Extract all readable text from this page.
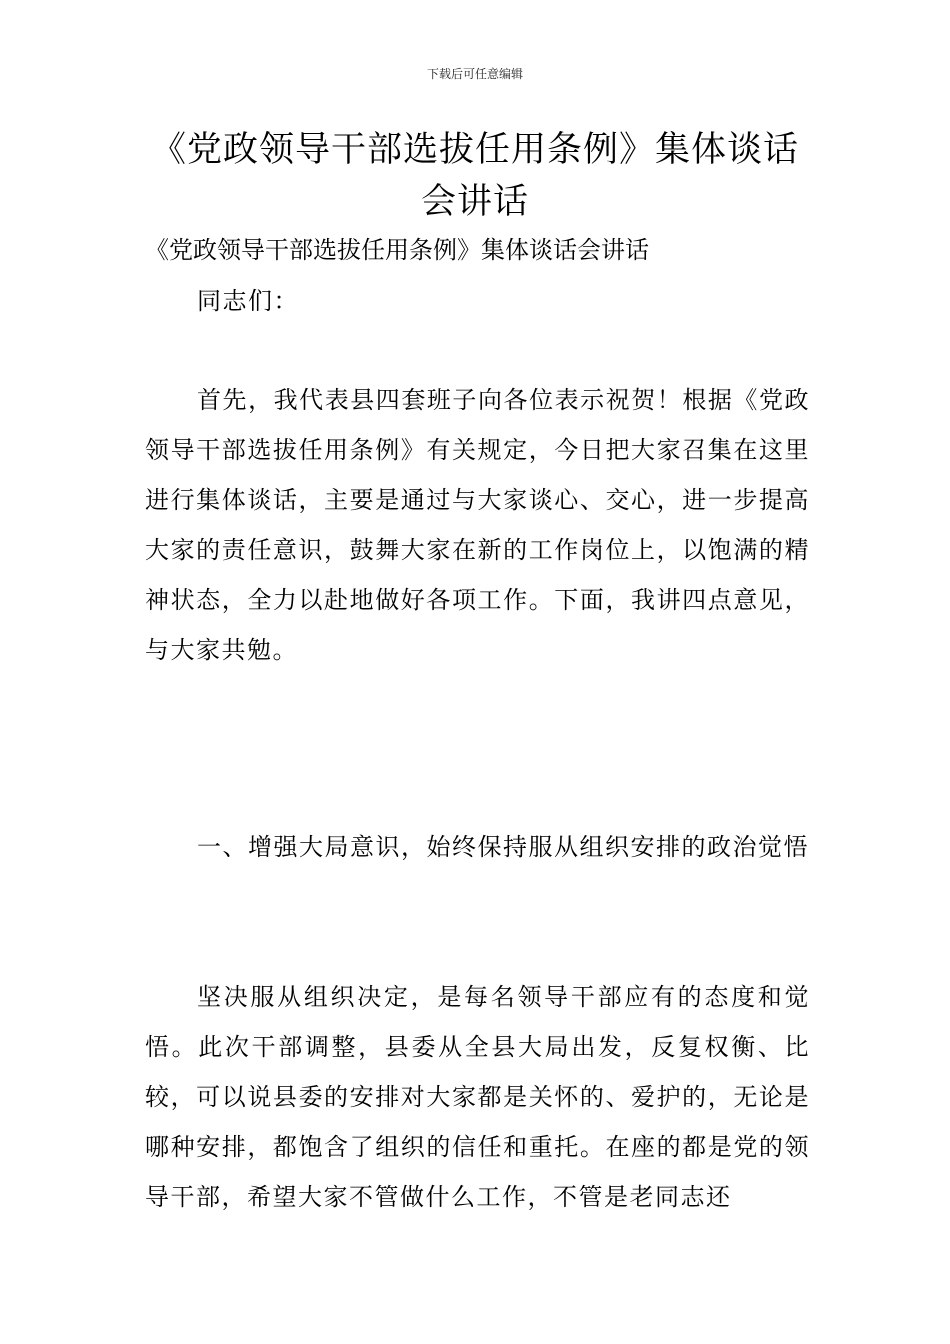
下载后可任意编辑
《党政领导干部选拔任用条例》集体谈话会讲话

《党政领导干部选拔任用条例》集体谈话会讲话

同志们：

首先，我代表县四套班子向各位表示祝贺！根据《党政领导干部选拔任用条例》有关规定，今日把大家召集在这里进行集体谈话，主要是通过与大家谈心、交心，进一步提高大家的责任意识，鼓舞大家在新的工作岗位上，以饱满的精神状态，全力以赴地做好各项工作。下面，我讲四点意见，与大家共勉。

一、增强大局意识，始终保持服从组织安排的政治觉悟

坚决服从组织决定，是每名领导干部应有的态度和觉悟。此次干部调整，县委从全县大局出发，反复权衡、比较，可以说县委的安排对大家都是关怀的、爱护的，无论是哪种安排，都饱含了组织的信任和重托。在座的都是党的领导干部，希望大家不管做什么工作，不管是老同志还
